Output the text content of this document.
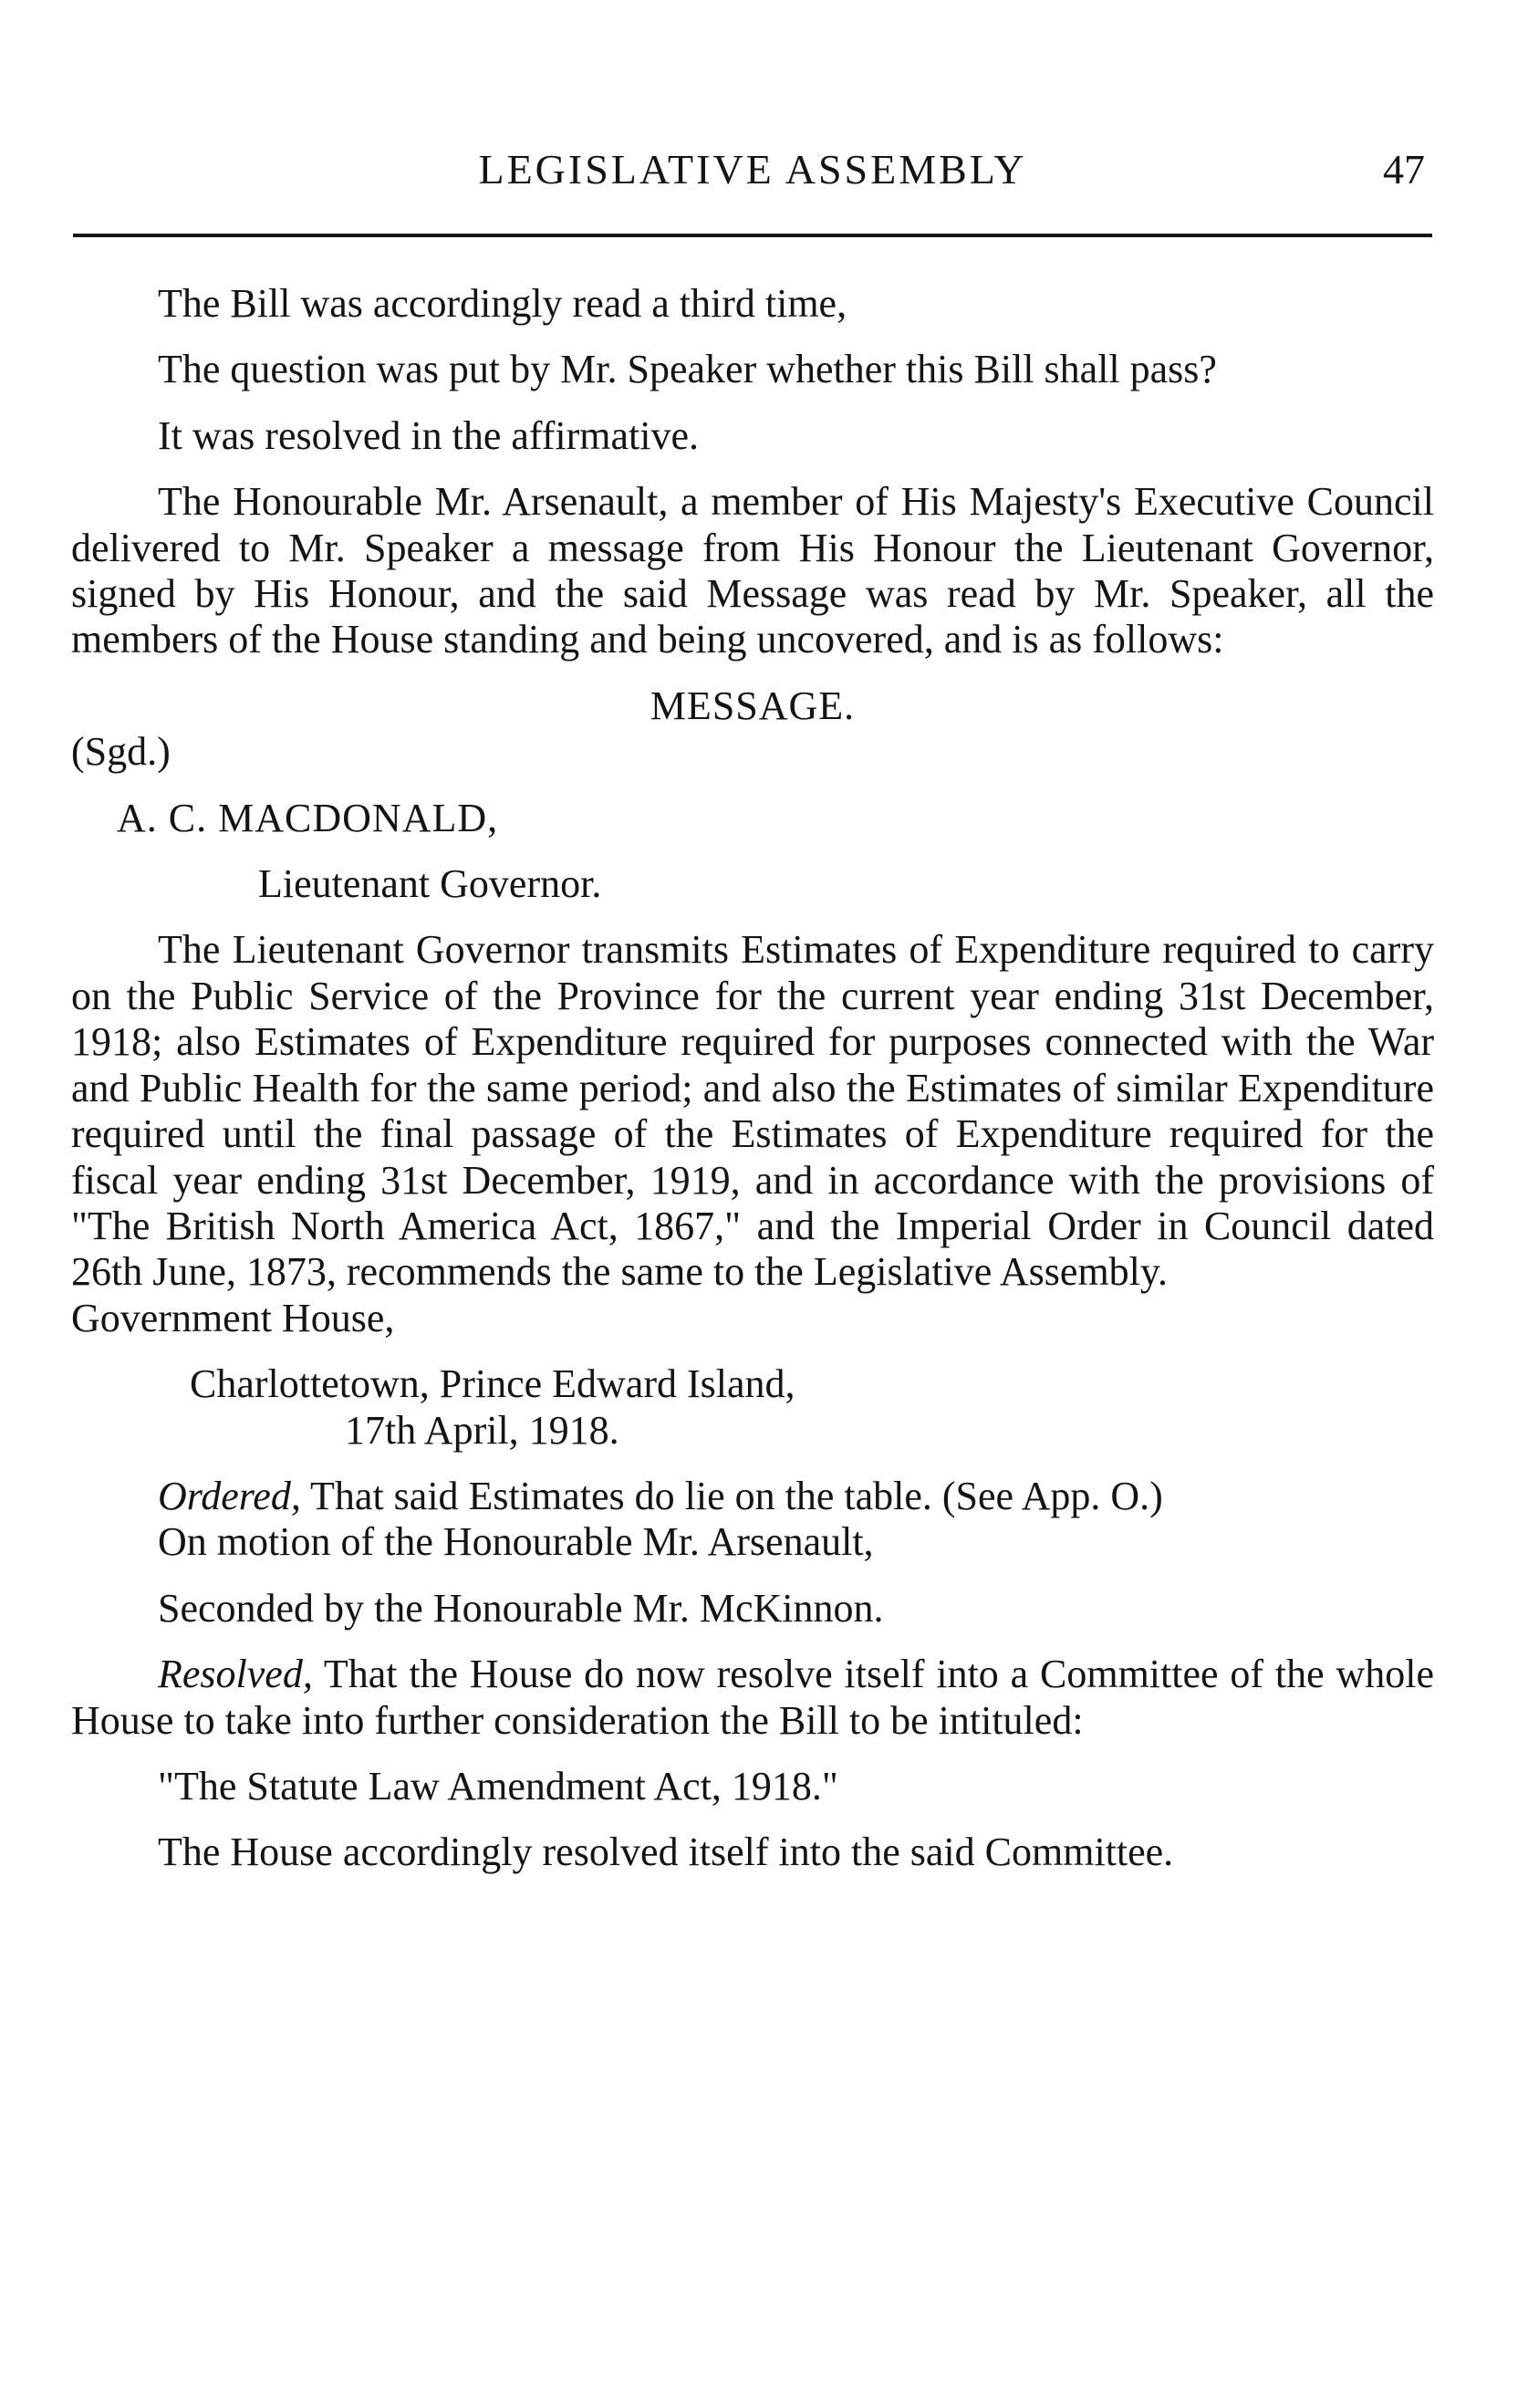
LEGISLATIVE ASSEMBLY	47

The Bill was accordingly read a third time,

The question was put by Mr. Speaker whether this Bill shall pass?

It was resolved in the affirmative.

The Honourable Mr. Arsenault, a member of His Majesty's Executive Council delivered to Mr. Speaker a message from His Honour the Lieutenant Governor, signed by His Honour, and the said Message was read by Mr. Speaker, all the members of the House standing and being uncovered, and is as follows:

MESSAGE.

(Sgd.)

A. C. MACDONALD,

Lieutenant Governor.

The Lieutenant Governor transmits Estimates of Expenditure required to carry on the Public Service of the Province for the current year ending 31st December, 1918; also Estimates of Expenditure required for purposes connected with the War and Public Health for the same period; and also the Estimates of similar Expenditure required until the final passage of the Estimates of Expenditure required for the fiscal year ending 31st December, 1919, and in accordance with the provisions of "The British North America Act, 1867," and the Imperial Order in Council dated 26th June, 1873, recommends the same to the Legislative Assembly.

Government House,

Charlottetown, Prince Edward Island,

17th April, 1918.

Ordered, That said Estimates do lie on the table. (See App. O.)

On motion of the Honourable Mr. Arsenault,

Seconded by the Honourable Mr. McKinnon.

Resolved, That the House do now resolve itself into a Committee of the whole House to take into further consideration the Bill to be intituled:

"The Statute Law Amendment Act, 1918."

The House accordingly resolved itself into the said Committee.
